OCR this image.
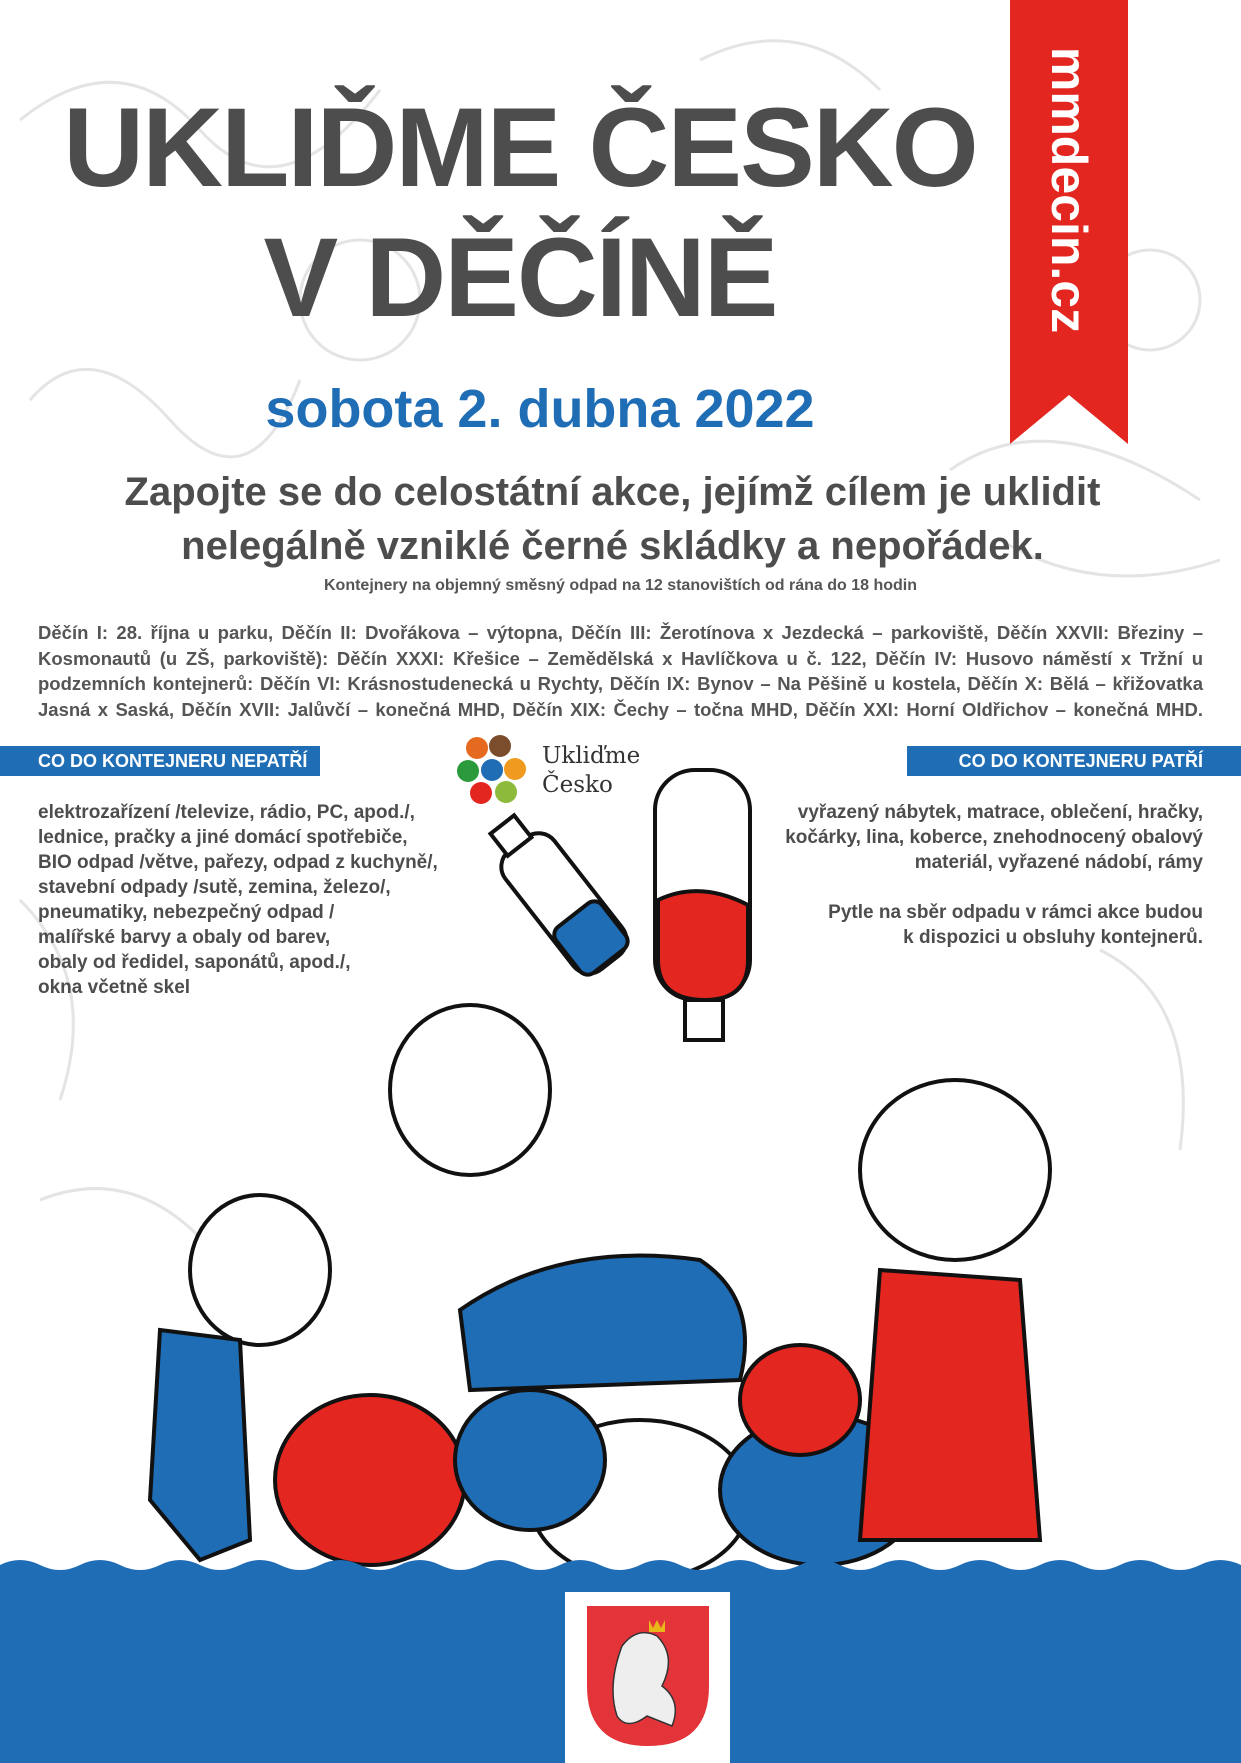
UKLIĎME ČESKO
V DĚČÍNĚ	mmdecin.cz
sobota 2. dubna 2022
Zapojte se do celostátní akce, jejímž cílem je uklidit
nelegálně vzniklé černé skládky a nepořádek.
Kontejnery na objemný směsný odpad na 12 stanovištích od rána do 18 hodin
Děčín I: 28. října u parku, Děčín II: Dvořákova – výtopna, Děčín III: Žerotínova x Jezdecká – parkoviště, Děčín XXVII: Březiny – Kosmonautů (u ZŠ, parkoviště): Děčín XXXI: Křešice – Zemědělská x Havlíčkova u č. 122, Děčín IV: Husovo náměstí x Tržní u podzemních kontejnerů: Děčín VI: Krásnostudenecká u Rychty, Děčín IX: Bynov – Na Pěšině u kostela, Děčín X: Bělá – křižovatka Jasná x Saská, Děčín XVII: Jalůvčí – konečná MHD, Děčín XIX: Čechy – točna MHD, Děčín XXI: Horní Oldřichov – konečná MHD.
CO DO KONTEJNERU NEPATŘÍ	CO DO KONTEJNERU PATŘÍ
elektrozařízení /televize, rádio, PC, apod./,
lednice, pračky a jiné domácí spotřebiče,
BIO odpad /větve, pařezy, odpad z kuchyně/,
stavební odpady /sutě, zemina, železo/,
pneumatiky, nebezpečný odpad /
malířské barvy a obaly od barev,
obaly od ředidel, saponátů, apod./,
okna včetně skel
vyřazený nábytek, matrace, oblečení, hračky,
kočárky, lina, koberce, znehodnocený obalový
materiál, vyřazené nádobí, rámy
Pytle na sběr odpadu v rámci akce budou
k dispozici u obsluhy kontejnerů.
Ukliďme
Česko
